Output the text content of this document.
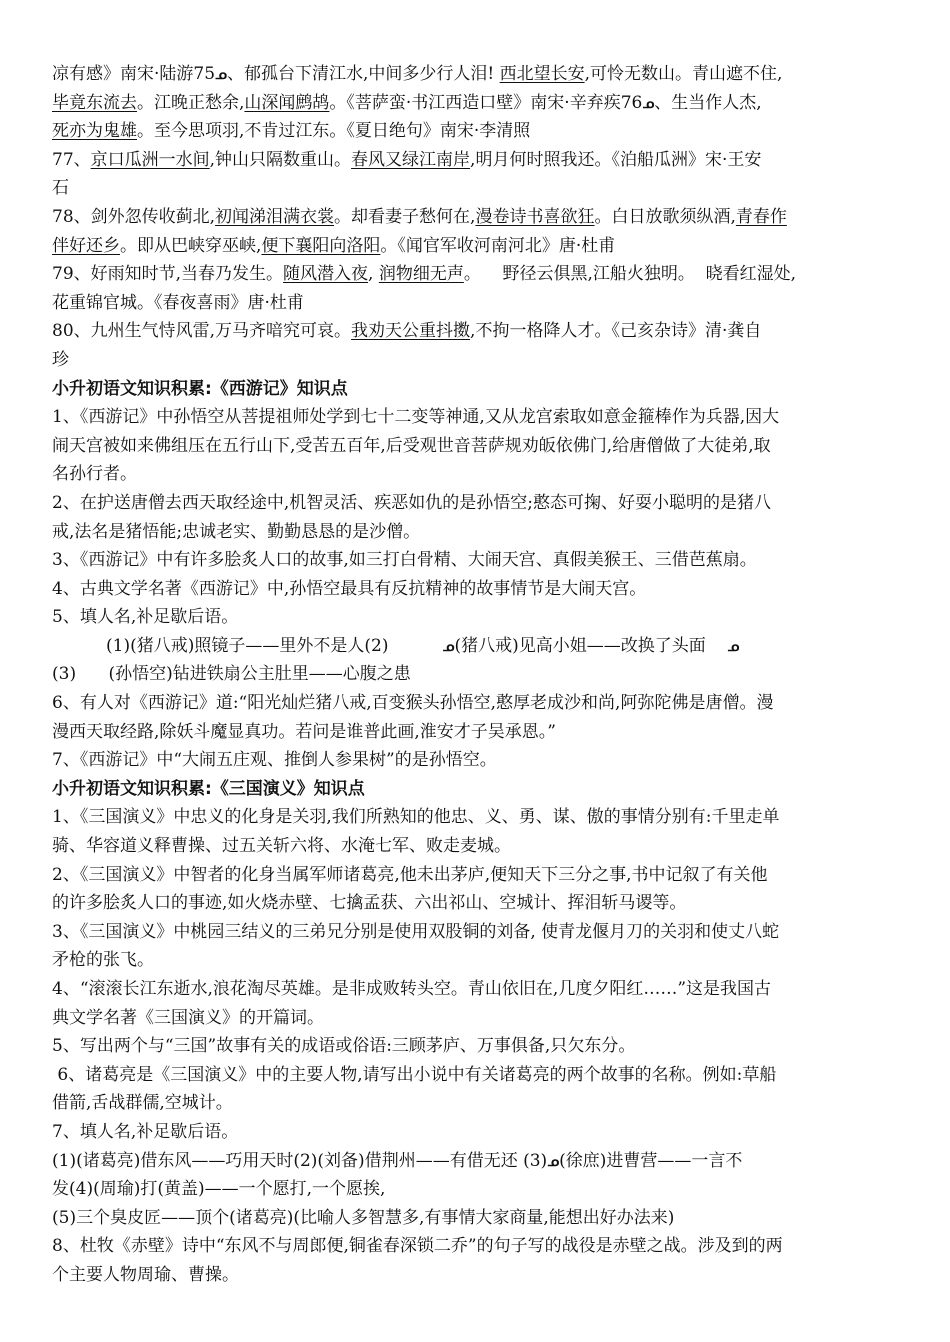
凉有感》南宋·陆游75ᓄ、郁孤台下清江水,中间多少行人泪! 西北望长安,可怜无数山。青山遮不住,
毕竟东流去。江晚正愁余,山深闻鹧鸪。《菩萨蛮·书江西造口壁》南宋·辛弃疾76ᓄ、生当作人杰,
死亦为鬼雄。至今思项羽,不肯过江东。《夏日绝句》南宋·李清照
77、京口瓜洲一水间,钟山只隔数重山。春风又绿江南岸,明月何时照我还。《泊船瓜洲》宋·王安
石
78、剑外忽传收蓟北,初闻涕泪满衣裳。却看妻子愁何在,漫卷诗书喜欲狂。白日放歌须纵酒,青春作
伴好还乡。即从巴峡穿巫峡,便下襄阳向洛阳。《闻官军收河南河北》唐·杜甫
79、好雨知时节,当春乃发生。随风潜入夜, 润物细无声。    野径云俱黑,江船火独明。  晓看红湿处,
花重锦官城。《春夜喜雨》唐·杜甫
80、九州生气恃风雷,万马齐喑究可哀。我劝天公重抖擞,不拘一格降人才。《己亥杂诗》清·龚自
珍
小升初语文知识积累:《西游记》知识点
1、《西游记》中孙悟空从菩提祖师处学到七十二变等神通,又从龙宫索取如意金箍棒作为兵器,因大
闹天宫被如来佛组压在五行山下,受苦五百年,后受观世音菩萨规劝皈依佛门,给唐僧做了大徒弟,取
名孙行者。
2、在护送唐僧去西天取经途中,机智灵活、疾恶如仇的是孙悟空;憨态可掬、好耍小聪明的是猪八
戒,法名是猪悟能;忠诚老实、勤勤恳恳的是沙僧。
3、《西游记》中有许多脍炙人口的故事,如三打白骨精、大闹天宫、真假美猴王、三借芭蕉扇。
4、古典文学名著《西游记》中,孙悟空最具有反抗精神的故事情节是大闹天宫。
5、填人名,补足歇后语。
(1)(猪八戒)照镜子——里外不是人(2)          ᓄ(猪八戒)见高小姐——改换了头面    ᓄ
(3)      (孙悟空)钻进铁扇公主肚里——心腹之患
6、有人对《西游记》道:“阳光灿烂猪八戒,百变猴头孙悟空,憨厚老成沙和尚,阿弥陀佛是唐僧。漫
漫西天取经路,除妖斗魔显真功。若问是谁普此画,淮安才子吴承恩。”
7、《西游记》中“大闹五庄观、推倒人参果树”的是孙悟空。
小升初语文知识积累:《三国演义》知识点
1、《三国演义》中忠义的化身是关羽,我们所熟知的他忠、义、勇、谋、傲的事情分别有:千里走单
骑、华容道义释曹操、过五关斩六将、水淹七军、败走麦城。
2、《三国演义》中智者的化身当属军师诸葛亮,他未出茅庐,便知天下三分之事,书中记叙了有关他
的许多脍炙人口的事迹,如火烧赤壁、七擒孟获、六出祁山、空城计、挥泪斩马谡等。
3、《三国演义》中桃园三结义的三弟兄分别是使用双股铜的刘备, 使青龙偃月刀的关羽和使丈八蛇
矛枪的张飞。
4、“滚滚长江东逝水,浪花淘尽英雄。是非成败转头空。青山依旧在,几度夕阳红……”这是我国古
典文学名著《三国演义》的开篇词。
5、写出两个与“三国”故事有关的成语或俗语:三顾茅庐、万事俱备,只欠东分。
6、诸葛亮是《三国演义》中的主要人物,请写出小说中有关诸葛亮的两个故事的名称。例如:草船
借箭,舌战群儒,空城计。
7、填人名,补足歇后语。
(1)(诸葛亮)借东风——巧用天时(2)(刘备)借荆州——有借无还 (3)ᓄ(徐庶)进曹营——一言不
发(4)(周瑜)打(黄盖)——一个愿打,一个愿挨,
(5)三个臭皮匠——顶个(诸葛亮)(比喻人多智慧多,有事情大家商量,能想出好办法来)
8、杜牧《赤壁》诗中“东风不与周郎便,铜雀春深锁二乔”的句子写的战役是赤壁之战。涉及到的两
个主要人物周瑜、曹操。
